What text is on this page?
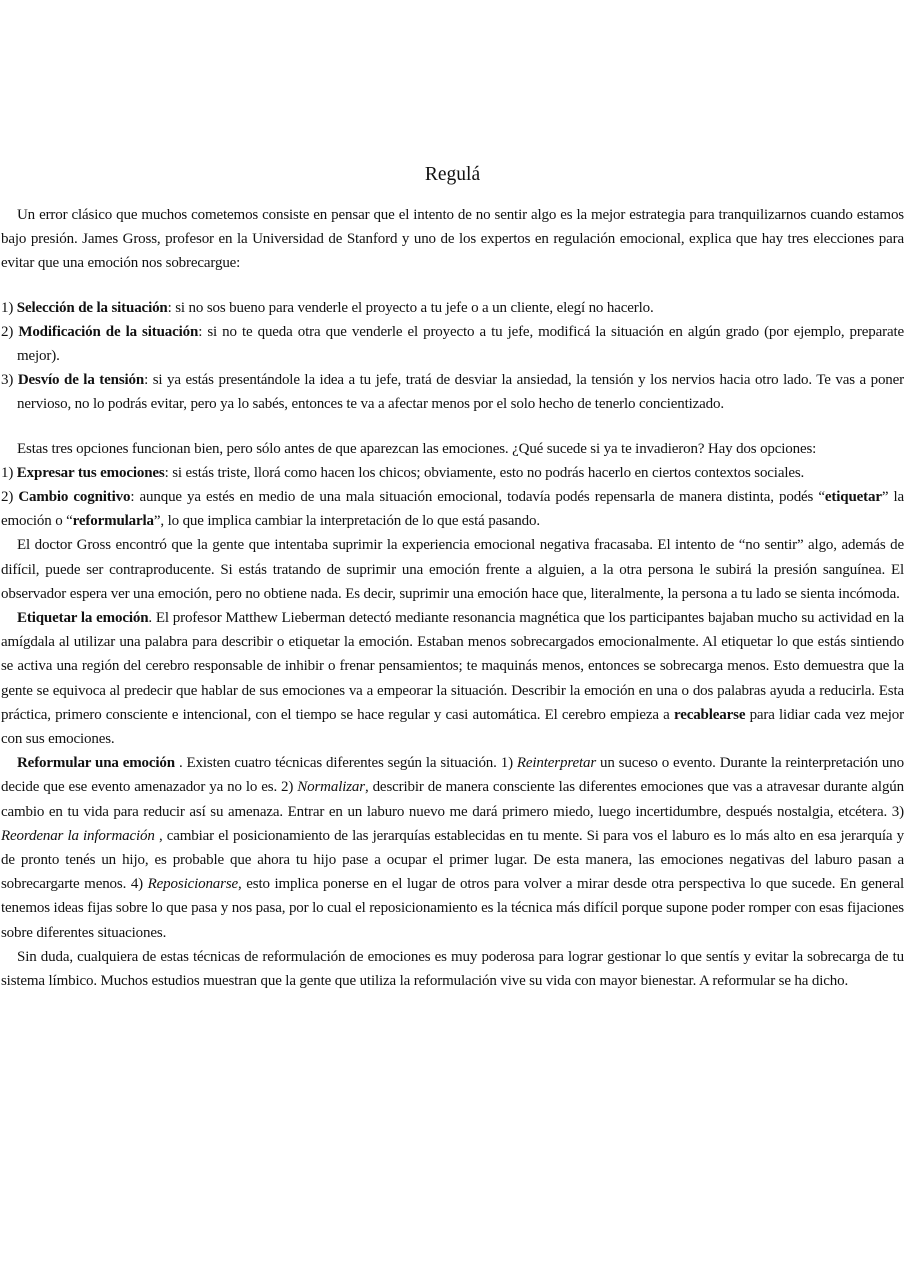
Regulá

Un error clásico que muchos cometemos consiste en pensar que el intento de no sentir algo es la mejor estrategia para tranquilizarnos cuando estamos bajo presión. James Gross, profesor en la Universidad de Stanford y uno de los expertos en regulación emocional, explica que hay tres elecciones para evitar que una emoción nos sobrecargue:

1) Selección de la situación: si no sos bueno para venderle el proyecto a tu jefe o a un cliente, elegí no hacerlo.

2) Modificación de la situación: si no te queda otra que venderle el proyecto a tu jefe, modificá la situación en algún grado (por ejemplo, preparate mejor).

3) Desvío de la tensión: si ya estás presentándole la idea a tu jefe, tratá de desviar la ansiedad, la tensión y los nervios hacia otro lado. Te vas a poner nervioso, no lo podrás evitar, pero ya lo sabés, entonces te va a afectar menos por el solo hecho de tenerlo concientizado.

Estas tres opciones funcionan bien, pero sólo antes de que aparezcan las emociones. ¿Qué sucede si ya te invadieron? Hay dos opciones:

1) Expresar tus emociones: si estás triste, llorá como hacen los chicos; obviamente, esto no podrás hacerlo en ciertos contextos sociales.

2) Cambio cognitivo: aunque ya estés en medio de una mala situación emocional, todavía podés repensarla de manera distinta, podés “etiquetar” la emoción o “reformularla”, lo que implica cambiar la interpretación de lo que está pasando.

El doctor Gross encontró que la gente que intentaba suprimir la experiencia emocional negativa fracasaba. El intento de “no sentir” algo, además de difícil, puede ser contraproducente. Si estás tratando de suprimir una emoción frente a alguien, a la otra persona le subirá la presión sanguínea. El observador espera ver una emoción, pero no obtiene nada. Es decir, suprimir una emoción hace que, literalmente, la persona a tu lado se sienta incómoda.

Etiquetar la emoción. El profesor Matthew Lieberman detectó mediante resonancia magnética que los participantes bajaban mucho su actividad en la amígdala al utilizar una palabra para describir o etiquetar la emoción. Estaban menos sobrecargados emocionalmente. Al etiquetar lo que estás sintiendo se activa una región del cerebro responsable de inhibir o frenar pensamientos; te maquinás menos, entonces se sobrecarga menos. Esto demuestra que la gente se equivoca al predecir que hablar de sus emociones va a empeorar la situación. Describir la emoción en una o dos palabras ayuda a reducirla. Esta práctica, primero consciente e intencional, con el tiempo se hace regular y casi automática. El cerebro empieza a recablearse para lidiar cada vez mejor con sus emociones.

Reformular una emoción . Existen cuatro técnicas diferentes según la situación. 1) Reinterpretar un suceso o evento. Durante la reinterpretación uno decide que ese evento amenazador ya no lo es. 2) Normalizar, describir de manera consciente las diferentes emociones que vas a atravesar durante algún cambio en tu vida para reducir así su amenaza. Entrar en un laburo nuevo me dará primero miedo, luego incertidumbre, después nostalgia, etcétera. 3) Reordenar la información , cambiar el posicionamiento de las jerarquías establecidas en tu mente. Si para vos el laburo es lo más alto en esa jerarquía y de pronto tenés un hijo, es probable que ahora tu hijo pase a ocupar el primer lugar. De esta manera, las emociones negativas del laburo pasan a sobrecargarte menos. 4) Reposicionarse, esto implica ponerse en el lugar de otros para volver a mirar desde otra perspectiva lo que sucede. En general tenemos ideas fijas sobre lo que pasa y nos pasa, por lo cual el reposicionamiento es la técnica más difícil porque supone poder romper con esas fijaciones sobre diferentes situaciones.

Sin duda, cualquiera de estas técnicas de reformulación de emociones es muy poderosa para lograr gestionar lo que sentís y evitar la sobrecarga de tu sistema límbico. Muchos estudios muestran que la gente que utiliza la reformulación vive su vida con mayor bienestar. A reformular se ha dicho.
